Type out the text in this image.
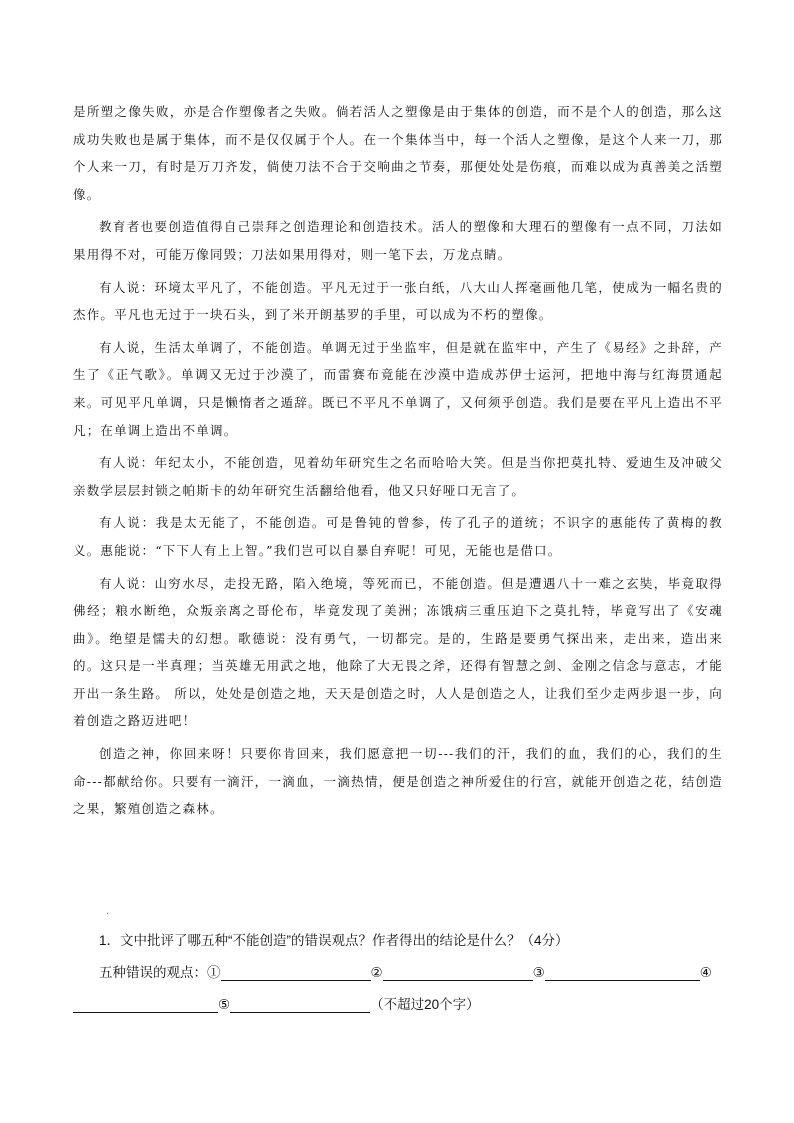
是所塑之像失败，亦是合作塑像者之失败。倘若活人之塑像是由于集体的创造，而不是个人的创造，那么这成功失败也是属于集体，而不是仅仅属于个人。在一个集体当中，每一个活人之塑像，是这个人来一刀，那个人来一刀，有时是万刀齐发，倘使刀法不合于交响曲之节奏，那便处处是伤痕，而难以成为真善美之活塑像。

教育者也要创造值得自己崇拜之创造理论和创造技术。活人的塑像和大理石的塑像有一点不同，刀法如果用得不对，可能万像同毁；刀法如果用得对，则一笔下去，万龙点睛。

有人说：环境太平凡了，不能创造。平凡无过于一张白纸，八大山人挥毫画他几笔，使成为一幅名贵的杰作。平凡也无过于一块石头，到了米开朗基罗的手里，可以成为不朽的塑像。

有人说，生活太单调了，不能创造。单调无过于坐监牢，但是就在监牢中，产生了《易经》之卦辞，产生了《正气歌》。单调又无过于沙漠了，而雷赛布竟能在沙漠中造成苏伊士运河，把地中海与红海贯通起来。可见平凡单调，只是懒惰者之遁辞。既已不平凡不单调了，又何须乎创造。我们是要在平凡上造出不平凡；在单调上造出不单调。

有人说：年纪太小，不能创造，见着幼年研究生之名而哈哈大笑。但是当你把莫扎特、爱迪生及冲破父亲数学层层封锁之帕斯卡的幼年研究生活翻给他看，他又只好哑口无言了。

有人说：我是太无能了，不能创造。可是鲁钝的曾参，传了孔子的道统；不识字的惠能传了黄梅的教义。惠能说：“下下人有上上智。”我们岂可以自暴自弃呢！可见，无能也是借口。

有人说：山穷水尽，走投无路，陷入绝境，等死而已，不能创造。但是遭遇八十一难之玄奘，毕竟取得佛经；粮水断绝，众叛亲离之哥伦布，毕竟发现了美洲；冻饿病三重压迫下之莫扎特，毕竟写出了《安魂曲》。绝望是懦夫的幻想。歌德说：没有勇气，一切都完。是的，生路是要勇气探出来，走出来，造出来的。这只是一半真理；当英雄无用武之地，他除了大无畏之斧，还得有智慧之剑、金刚之信念与意志，才能开出一条生路。 所以，处处是创造之地，天天是创造之时，人人是创造之人，让我们至少走两步退一步，向着创造之路迈进吧！

创造之神，你回来呀！只要你肯回来，我们愿意把一切---我们的汗，我们的血，我们的心，我们的生命---都献给你。只要有一滴汗，一滴血，一滴热情，便是创造之神所爱住的行宫，就能开创造之花，结创造之果，繁殖创造之森林。

.
1．文中批评了哪五种“不能创造”的错误观点？作者得出的结论是什么？（4分）
五种错误的观点：①	②	③	④
⑤	（不超过20个字）
